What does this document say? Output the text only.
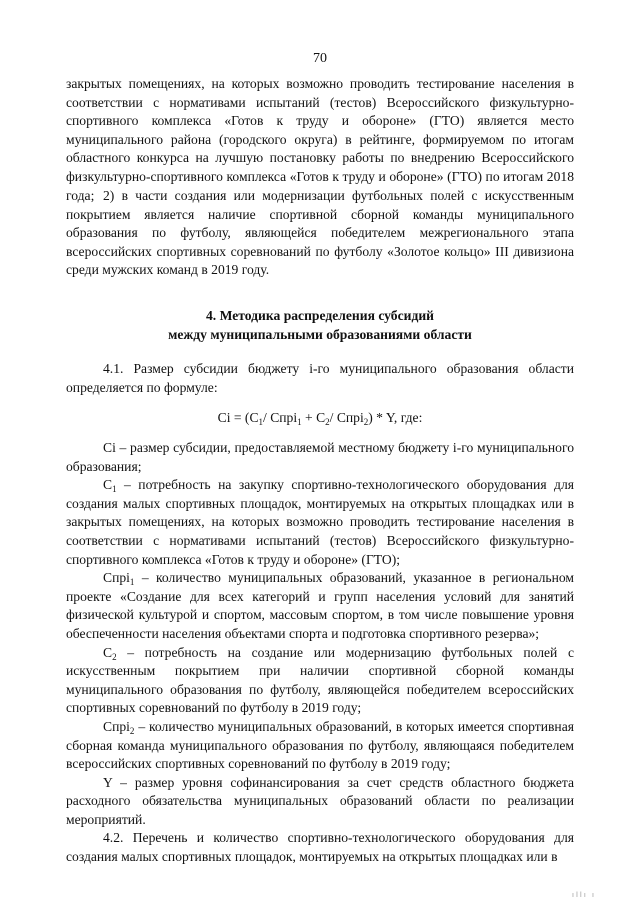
70

закрытых помещениях, на которых возможно проводить тестирование населения в соответствии с нормативами испытаний (тестов) Всероссийского физкультурно-спортивного комплекса «Готов к труду и обороне» (ГТО) является место муниципального района (городского округа) в рейтинге, формируемом по итогам областного конкурса на лучшую постановку работы по внедрению Всероссийского физкультурно-спортивного комплекса «Готов к труду и обороне» (ГТО) по итогам 2018 года; 2) в части создания или модернизации футбольных полей с искусственным покрытием является наличие спортивной сборной команды муниципального образования по футболу, являющейся победителем межрегионального этапа всероссийских спортивных соревнований по футболу «Золотое кольцо» III дивизиона среди мужских команд в 2019 году.

4. Методика распределения субсидий

между муниципальными образованиями области

4.1. Размер субсидии бюджету i-го муниципального образования области определяется по формуле:

$Ci = (C_1/$ Cпрi$_1$ + $C_2/$ Cпрi$_2$) * Y, где:

Ci – размер субсидии, предоставляемой местному бюджету i-го муниципального образования;

$C_1$ – потребность на закупку спортивно-технологического оборудования для создания малых спортивных площадок, монтируемых на открытых площадках или в закрытых помещениях, на которых возможно проводить тестирование населения в соответствии с нормативами испытаний (тестов) Всероссийского физкультурно-спортивного комплекса «Готов к труду и обороне» (ГТО);

Cпрi$_1$ – количество муниципальных образований, указанное в региональном проекте «Создание для всех категорий и групп населения условий для занятий физической культурой и спортом, массовым спортом, в том числе повышение уровня обеспеченности населения объектами спорта и подготовка спортивного резерва»;

$C_2$ – потребность на создание или модернизацию футбольных полей с искусственным покрытием при наличии спортивной сборной команды муниципального образования по футболу, являющейся победителем всероссийских спортивных соревнований по футболу в 2019 году;

Cпрi$_2$ – количество муниципальных образований, в которых имеется спортивная сборная команда муниципального образования по футболу, являющаяся победителем всероссийских спортивных соревнований по футболу в 2019 году;

Y – размер уровня софинансирования за счет средств областного бюджета расходного обязательства муниципальных образований области по реализации мероприятий.

4.2. Перечень и количество спортивно-технологического оборудования для создания малых спортивных площадок, монтируемых на открытых площадках или в

ıllı ı
